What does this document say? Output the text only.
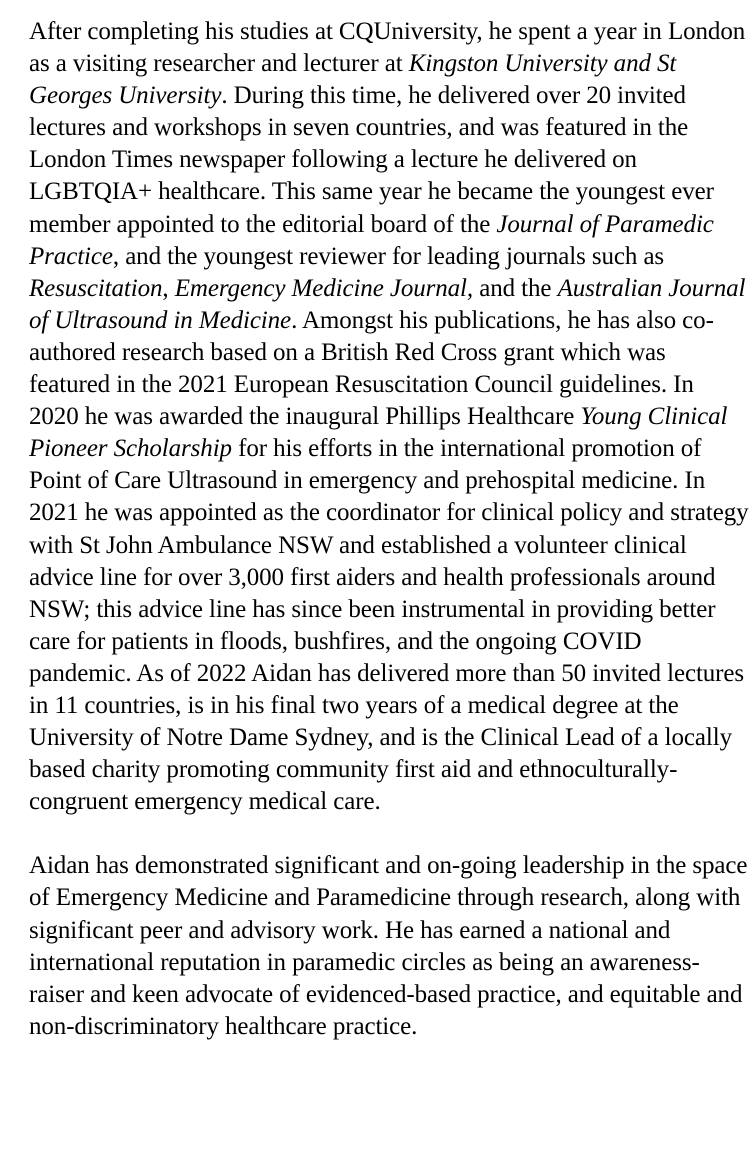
After completing his studies at CQUniversity, he spent a year in London as a visiting researcher and lecturer at Kingston University and St Georges University. During this time, he delivered over 20 invited lectures and workshops in seven countries, and was featured in the London Times newspaper following a lecture he delivered on LGBTQIA+ healthcare. This same year he became the youngest ever member appointed to the editorial board of the Journal of Paramedic Practice, and the youngest reviewer for leading journals such as Resuscitation, Emergency Medicine Journal, and the Australian Journal of Ultrasound in Medicine. Amongst his publications, he has also co-authored research based on a British Red Cross grant which was featured in the 2021 European Resuscitation Council guidelines. In 2020 he was awarded the inaugural Phillips Healthcare Young Clinical Pioneer Scholarship for his efforts in the international promotion of Point of Care Ultrasound in emergency and prehospital medicine. In 2021 he was appointed as the coordinator for clinical policy and strategy with St John Ambulance NSW and established a volunteer clinical advice line for over 3,000 first aiders and health professionals around NSW; this advice line has since been instrumental in providing better care for patients in floods, bushfires, and the ongoing COVID pandemic. As of 2022 Aidan has delivered more than 50 invited lectures in 11 countries, is in his final two years of a medical degree at the University of Notre Dame Sydney, and is the Clinical Lead of a locally based charity promoting community first aid and ethnoculturally-congruent emergency medical care.

Aidan has demonstrated significant and on-going leadership in the space of Emergency Medicine and Paramedicine through research, along with significant peer and advisory work. He has earned a national and international reputation in paramedic circles as being an awareness-raiser and keen advocate of evidenced-based practice, and equitable and non-discriminatory healthcare practice.
